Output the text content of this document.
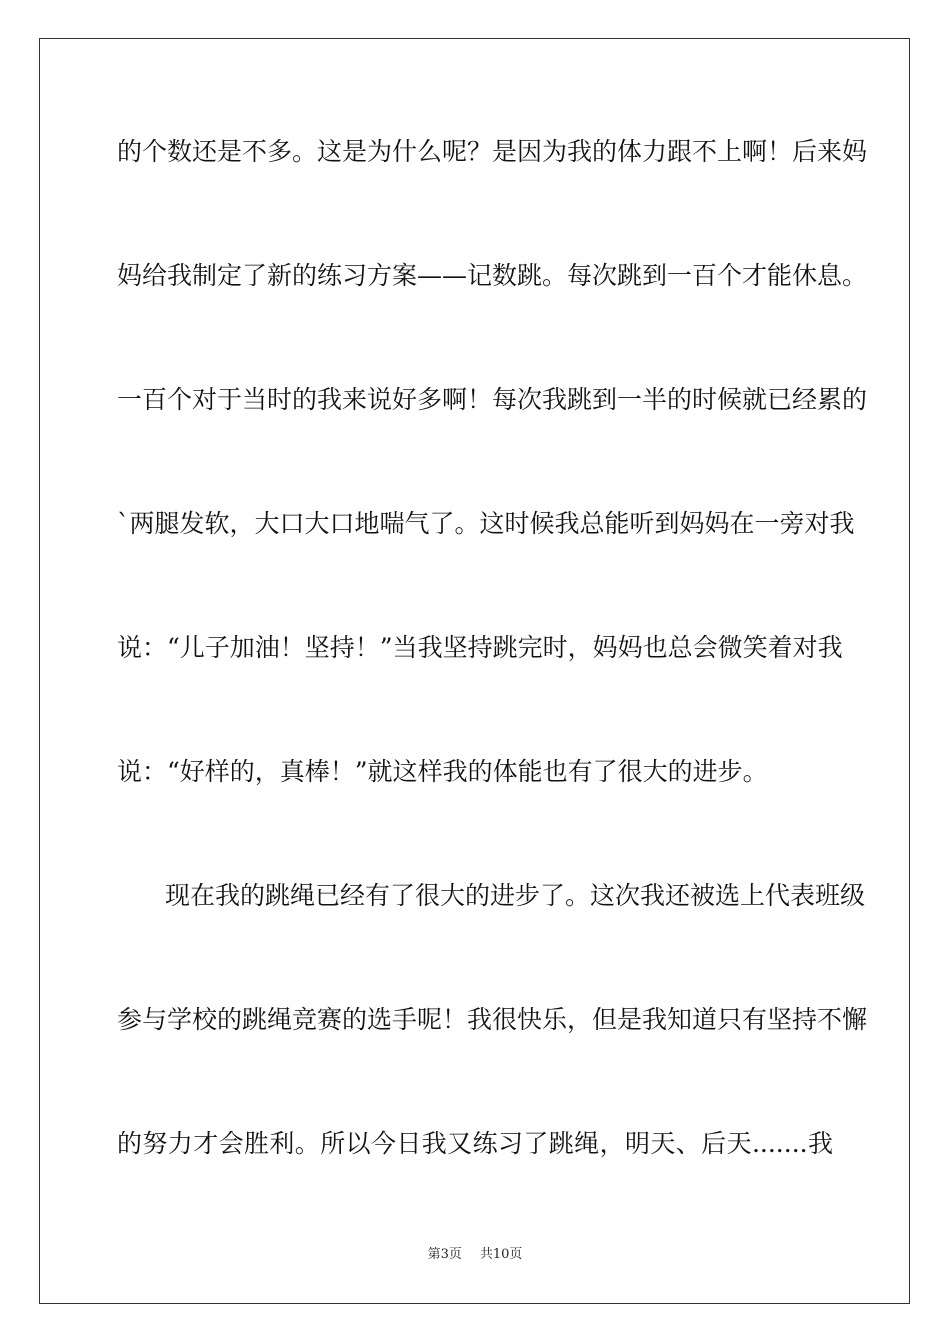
的个数还是不多。这是为什么呢？是因为我的体力跟不上啊！后来妈
妈给我制定了新的练习方案——记数跳。每次跳到一百个才能休息。
一百个对于当时的我来说好多啊！每次我跳到一半的时候就已经累的
`两腿发软，大口大口地喘气了。这时候我总能听到妈妈在一旁对我
说：“儿子加油！坚持！”当我坚持跳完时，妈妈也总会微笑着对我
说：“好样的，真棒！”就这样我的体能也有了很大的进步。
现在我的跳绳已经有了很大的进步了。这次我还被选上代表班级
参与学校的跳绳竞赛的选手呢！我很快乐，但是我知道只有坚持不懈
的努力才会胜利。所以今日我又练习了跳绳，明天、后天.......我
第3页 共10页
